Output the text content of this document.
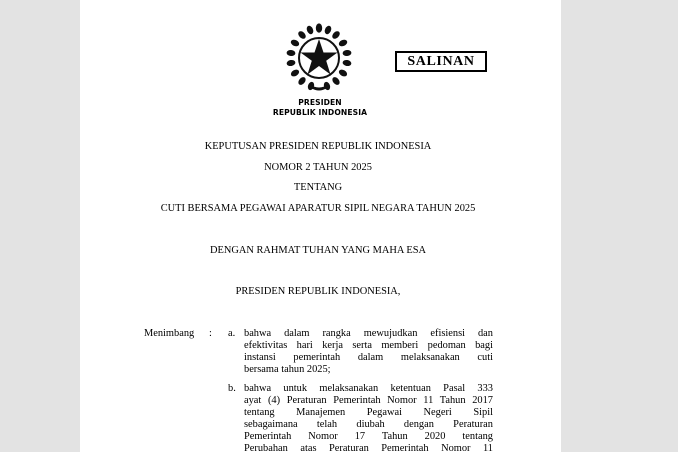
PRESIDEN
REPUBLIK INDONESIA
SALINAN
KEPUTUSAN PRESIDEN REPUBLIK INDONESIA
NOMOR 2 TAHUN 2025
TENTANG
CUTI BERSAMA PEGAWAI APARATUR SIPIL NEGARA TAHUN 2025
DENGAN RAHMAT TUHAN YANG MAHA ESA
PRESIDEN REPUBLIK INDONESIA,
Menimbang : a. bahwa dalam rangka mewujudkan efisiensi dan
efektivitas hari kerja serta memberi pedoman bagi
instansi pemerintah dalam melaksanakan cuti
bersama tahun 2025;
b. bahwa untuk melaksanakan ketentuan Pasal 333
ayat (4) Peraturan Pemerintah Nomor 11 Tahun 2017
tentang Manajemen Pegawai Negeri Sipil
sebagaimana telah diubah dengan Peraturan
Pemerintah Nomor 17 Tahun 2020 tentang
Perubahan atas Peraturan Pemerintah Nomor 11
